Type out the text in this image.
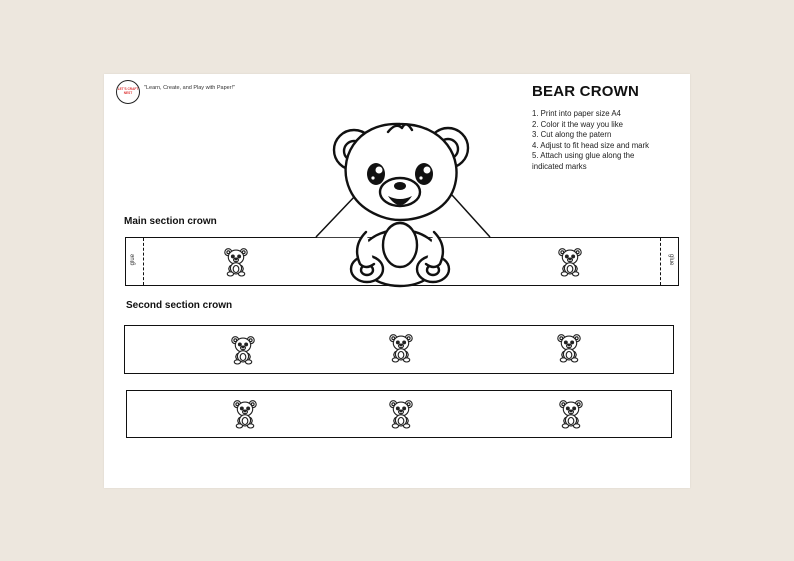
LET'S CRAFT
NEST
"Learn, Create, and Play with Paper!"	BEAR CROWN
1. Print into paper size A4
2. Color it the way you like
3. Cut along the patern
4. Adjust to fit head size and mark
5. Attach using glue along the
indicated marks
Main section crown
glue	glue
Second section crown
